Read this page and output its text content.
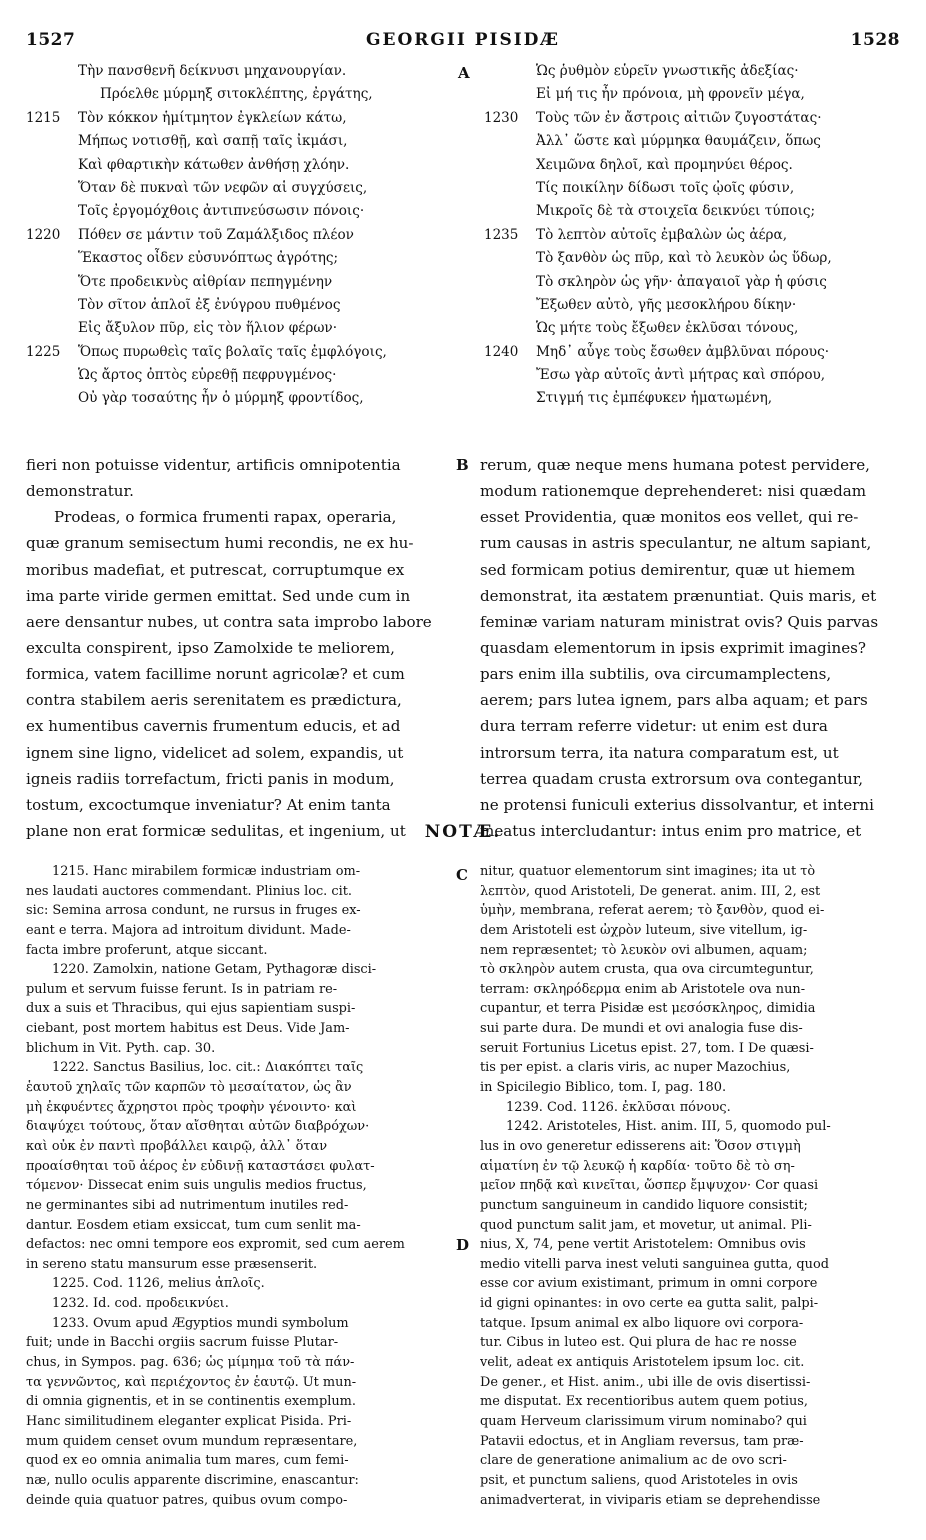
1527	GEORGII PISIDÆ	1528
A
B
C
D
Τὴν πανσθενῆ δείκνυσι μηχανουργίαν.
Πρόελθε μύρμηξ σιτοκλέπτης, ἐργάτης,
1215 Τὸν κόκκον ἡμίτμητον ἐγκλείων κάτω,
Μήπως νοτισθῇ, καὶ σαπῇ ταῖς ἰκμάσι,
Καὶ φθαρτικὴν κάτωθεν ἀνθήσῃ χλόην.
Ὅταν δὲ πυκναὶ τῶν νεφῶν αἱ συγχύσεις,
Τοῖς ἐργομόχθοις ἀντιπνεύσωσιν πόνοις·
1220 Πόθεν σε μάντιν τοῦ Ζαμάλξιδος πλέον
Ἕκαστος οἶδεν εὐσυνόπτως ἀγρότης;
Ὅτε προδεικνὺς αἰθρίαν πεπηγμένην
Τὸν σῖτον ἁπλοῖ ἐξ ἐνύγρου πυθμένος
Εἰς ἄξυλον πῦρ, εἰς τὸν ἥλιον φέρων·
1225 Ὅπως πυρωθεὶς ταῖς βολαῖς ταῖς ἐμφλόγοις,
Ὡς ἄρτος ὀπτὸς εὑρεθῇ πεφρυγμένος·
Οὐ γὰρ τοσαύτης ἦν ὁ μύρμηξ φροντίδος,
Ὡς ῥυθμὸν εὑρεῖν γνωστικῆς ἀδεξίας·
Εἰ μή τις ἦν πρόνοια, μὴ φρονεῖν μέγα,
1230 Τοὺς τῶν ἐν ἄστροις αἰτιῶν ζυγοστάτας·
Ἀλλ᾽ ὥστε καὶ μύρμηκα θαυμάζειν, ὅπως
Χειμῶνα δηλοῖ, καὶ προμηνύει θέρος.
Τίς ποικίλην δίδωσι τοῖς ᾠοῖς φύσιν,
Μικροῖς δὲ τὰ στοιχεῖα δεικνύει τύποις;
1235 Τὸ λεπτὸν αὐτοῖς ἐμβαλὼν ὡς ἀέρα,
Τὸ ξανθὸν ὡς πῦρ, καὶ τὸ λευκὸν ὡς ὕδωρ,
Τὸ σκληρὸν ὡς γῆν· ἀπαγαιοῖ γὰρ ἡ φύσις
Ἔξωθεν αὐτὸ, γῆς μεσοκλήρου δίκην·
Ὡς μήτε τοὺς ἔξωθεν ἐκλῦσαι τόνους,
1240 Μηδ᾽ αὖγε τοὺς ἔσωθεν ἀμβλῦναι πόρους·
Ἔσω γὰρ αὐτοῖς ἀντὶ μήτρας καὶ σπόρου,
Στιγμή τις ἐμπέφυκεν ἡματωμένη,
fieri non potuisse videntur, artificis omnipotentia
demonstratur.
Prodeas, o formica frumenti rapax, operaria,
quæ granum semisectum humi recondis, ne ex hu-
moribus madefiat, et putrescat, corruptumque ex
ima parte viride germen emittat. Sed unde cum in
aere densantur nubes, ut contra sata improbo labore
exculta conspirent, ipso Zamolxide te meliorem,
formica, vatem facillime norunt agricolæ? et cum
contra stabilem aeris serenitatem es prædictura,
ex humentibus cavernis frumentum educis, et ad
ignem sine ligno, videlicet ad solem, expandis, ut
igneis radiis torrefactum, fricti panis in modum,
tostum, excoctumque inveniatur? At enim tanta
plane non erat formicæ sedulitas, et ingenium, ut
rerum, quæ neque mens humana potest pervidere,
modum rationemque deprehenderet: nisi quædam
esset Providentia, quæ monitos eos vellet, qui re-
rum causas in astris speculantur, ne altum sapiant,
sed formicam potius demirentur, quæ ut hiemem
demonstrat, ita æstatem prænuntiat. Quis maris, et
feminæ variam naturam ministrat ovis? Quis parvas
quasdam elementorum in ipsis exprimit imagines?
pars enim illa subtilis, ova circumamplectens,
aerem; pars lutea ignem, pars alba aquam; et pars
dura terram referre videtur: ut enim est dura
introrsum terra, ita natura comparatum est, ut
terrea quadam crusta extrorsum ova contegantur,
ne protensi funiculi exterius dissolvantur, et interni
meatus intercludantur: intus enim pro matrice, et
NOTÆ.
1215. Hanc mirabilem formicæ industriam om-
nes laudati auctores commendant. Plinius loc. cit.
sic: Semina arrosa condunt, ne rursus in fruges ex-
eant e terra. Majora ad introitum dividunt. Made-
facta imbre proferunt, atque siccant.
1220. Zamolxin, natione Getam, Pythagoræ disci-
pulum et servum fuisse ferunt. Is in patriam re-
dux a suis et Thracibus, qui ejus sapientiam suspi-
ciebant, post mortem habitus est Deus. Vide Jam-
blichum in Vit. Pyth. cap. 30.
1222. Sanctus Basilius, loc. cit.: Διακόπτει ταῖς
ἑαυτοῦ χηλαῖς τῶν καρπῶν τὸ μεσαίτατον, ὡς ἂν
μὴ ἐκφυέντες ἄχρηστοι πρὸς τροφὴν γένοιντο· καὶ
διαψύχει τούτους, ὅταν αἴσθηται αὐτῶν διαβρόχων·
καὶ οὐκ ἐν παντὶ προβάλλει καιρῷ, ἀλλ᾽ ὅταν
προαίσθηται τοῦ ἀέρος ἐν εὐδινῇ καταστάσει φυλατ-
τόμενον· Dissecat enim suis ungulis medios fructus,
ne germinantes sibi ad nutrimentum inutiles red-
dantur. Eosdem etiam exsiccat, tum cum senlit ma-
defactos: nec omni tempore eos expromit, sed cum aerem
in sereno statu mansurum esse præsenserit.
1225. Cod. 1126, melius ἁπλοῖς.
1232. Id. cod. προδεικνύει.
1233. Ovum apud Ægyptios mundi symbolum
fuit; unde in Bacchi orgiis sacrum fuisse Plutar-
chus, in Sympos. pag. 636; ὡς μίμημα τοῦ τὰ πάν-
τα γεννῶντος, καὶ περιέχοντος ἐν ἑαυτῷ. Ut mun-
di omnia gignentis, et in se continentis exemplum.
Hanc similitudinem eleganter explicat Pisida. Pri-
mum quidem censet ovum mundum repræsentare,
quod ex eo omnia animalia tum mares, cum femi-
næ, nullo oculis apparente discrimine, enascantur:
deinde quia quatuor patres, quibus ovum compo-
nitur, quatuor elementorum sint imagines; ita ut τὸ
λεπτὸν, quod Aristoteli, De generat. anim. III, 2, est
ὑμὴν, membrana, referat aerem; τὸ ξανθὸν, quod ei-
dem Aristoteli est ὠχρὸν luteum, sive vitellum, ig-
nem repræsentet; τὸ λευκὸν ovi albumen, aquam;
τὸ σκληρὸν autem crusta, qua ova circumteguntur,
terram: σκληρόδερμα enim ab Aristotele ova nun-
cupantur, et terra Pisidæ est μεσόσκληρος, dimidia
sui parte dura. De mundi et ovi analogia fuse dis-
seruit Fortunius Licetus epist. 27, tom. I De quæsi-
tis per epist. a claris viris, ac nuper Mazochius,
in Spicilegio Biblico, tom. I, pag. 180.
1239. Cod. 1126. ἐκλῦσαι πόνους.
1242. Aristoteles, Hist. anim. III, 5, quomodo pul-
lus in ovo generetur edisserens ait: Ὅσον στιγμὴ
αἱματίνη ἐν τῷ λευκῷ ἡ καρδία· τοῦτο δὲ τὸ ση-
μεῖον πηδᾷ καὶ κινεῖται, ὥσπερ ἔμψυχον· Cor quasi
punctum sanguineum in candido liquore consistit;
quod punctum salit jam, et movetur, ut animal. Pli-
nius, X, 74, pene vertit Aristotelem: Omnibus ovis
medio vitelli parva inest veluti sanguinea gutta, quod
esse cor avium existimant, primum in omni corpore
id gigni opinantes: in ovo certe ea gutta salit, palpi-
tatque. Ipsum animal ex albo liquore ovi corpora-
tur. Cibus in luteo est. Qui plura de hac re nosse
velit, adeat ex antiquis Aristotelem ipsum loc. cit.
De gener., et Hist. anim., ubi ille de ovis disertissi-
me disputat. Ex recentioribus autem quem potius,
quam Herveum clarissimum virum nominabo? qui
Patavii edoctus, et in Angliam reversus, tam præ-
clare de generatione animalium ac de ovo scri-
psit, et punctum saliens, quod Aristoteles in ovis
animadverterat, in viviparis etiam se deprehendisse
